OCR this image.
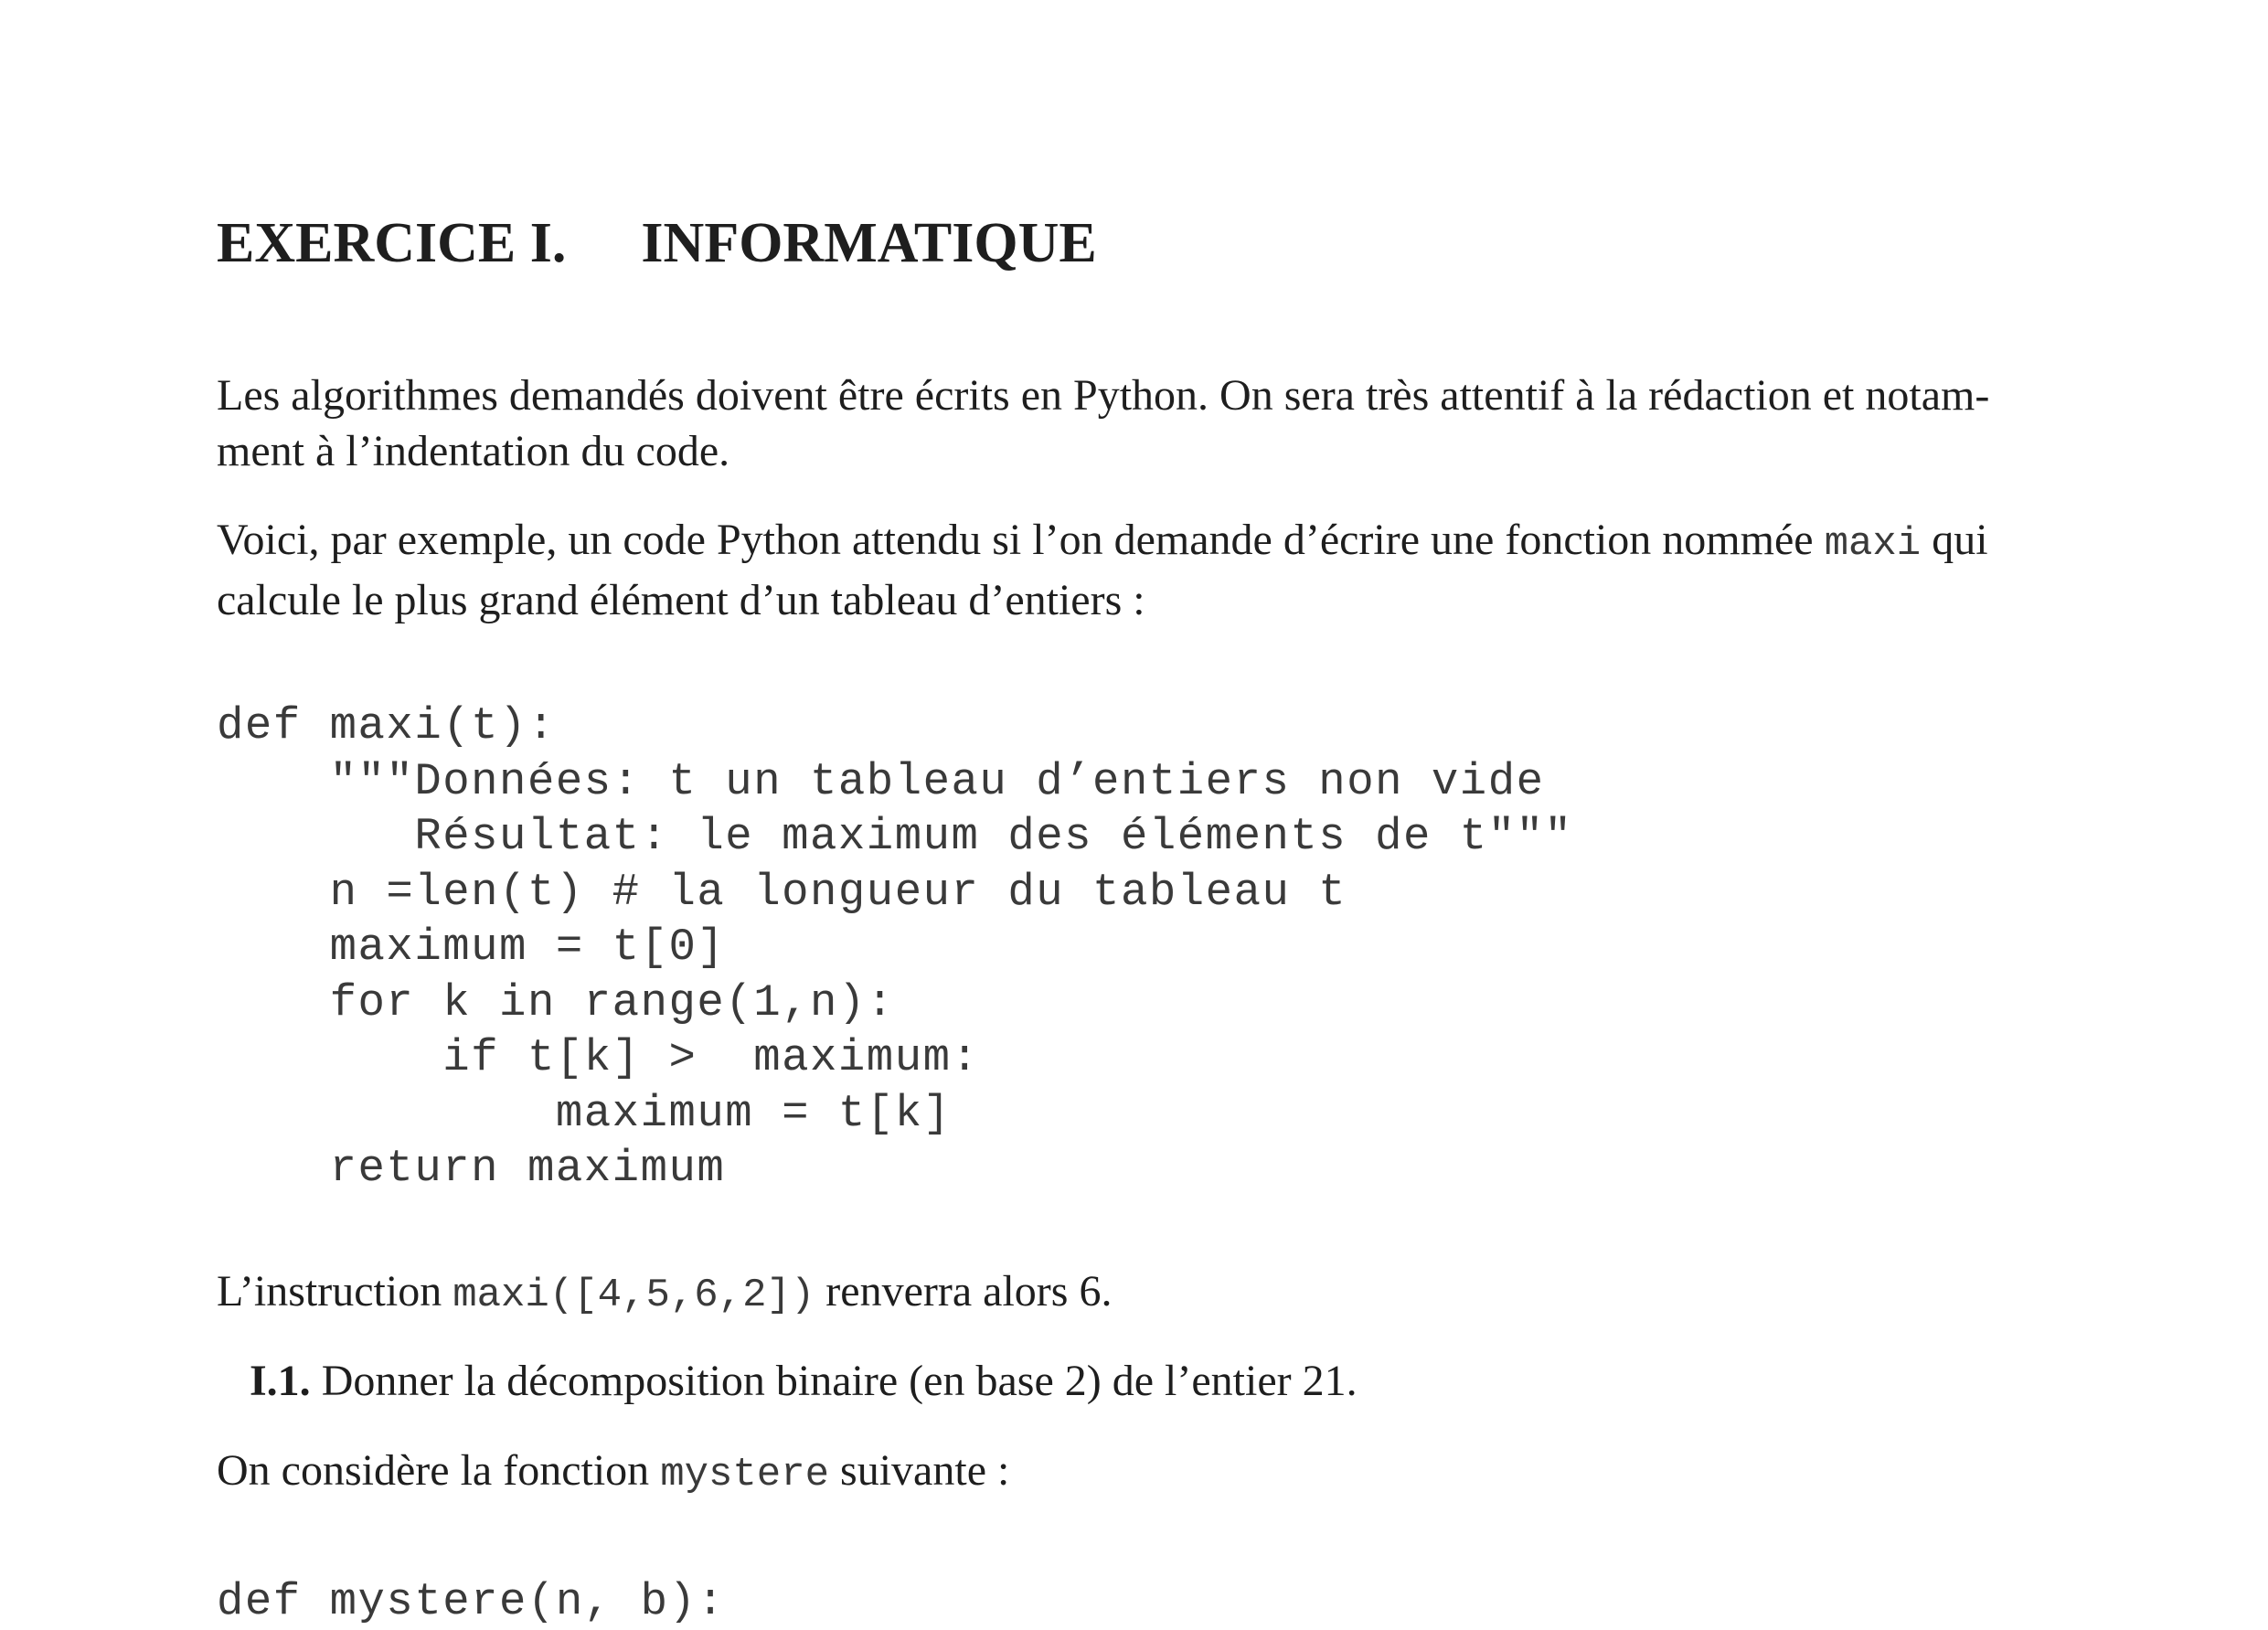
EXERCICE I. INFORMATIQUE

Les algorithmes demandés doivent être écrits en Python. On sera très attentif à la rédaction et notam-
ment à l’indentation du code.

Voici, par exemple, un code Python attendu si l’on demande d’écrire une fonction nommée maxi qui
calcule le plus grand élément d’un tableau d’entiers :

def maxi(t):
"""Données: t un tableau d’entiers non vide
Résultat: le maximum des éléments de t"""
n =len(t) # la longueur du tableau t
maximum = t[0]
for k in range(1,n):
if t[k] >  maximum:
maximum = t[k]
return maximum

L’instruction maxi([4,5,6,2]) renverra alors 6.

I.1. Donner la décomposition binaire (en base 2) de l’entier 21.

On considère la fonction mystere suivante :

def mystere(n, b):
